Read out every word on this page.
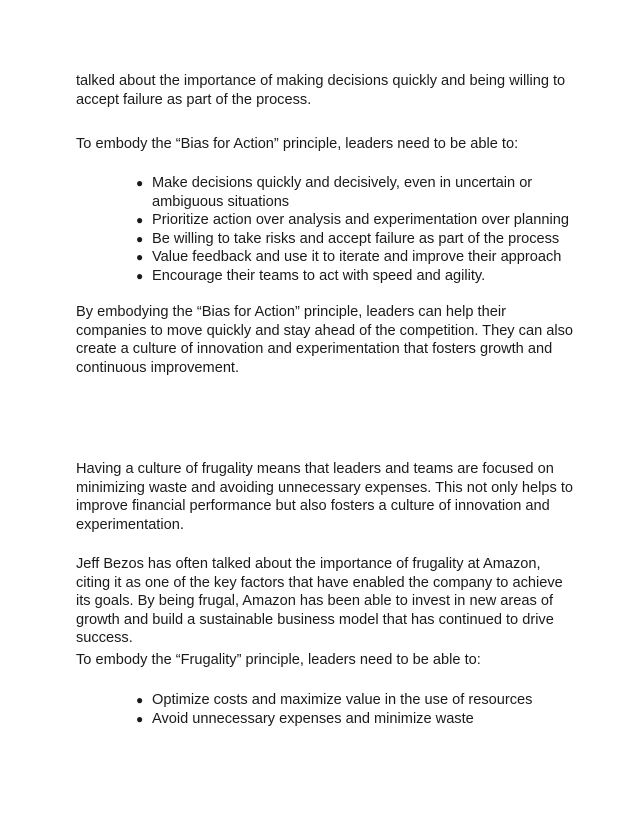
talked about the importance of making decisions quickly and being willing to accept failure as part of the process.

To embody the “Bias for Action” principle, leaders need to be able to:

● Make decisions quickly and decisively, even in uncertain or ambiguous situations
● Prioritize action over analysis and experimentation over planning
● Be willing to take risks and accept failure as part of the process
● Value feedback and use it to iterate and improve their approach
● Encourage their teams to act with speed and agility.

By embodying the “Bias for Action” principle, leaders can help their companies to move quickly and stay ahead of the competition. They can also create a culture of innovation and experimentation that fosters growth and continuous improvement.

Having a culture of frugality means that leaders and teams are focused on minimizing waste and avoiding unnecessary expenses. This not only helps to improve financial performance but also fosters a culture of innovation and experimentation.

Jeff Bezos has often talked about the importance of frugality at Amazon, citing it as one of the key factors that have enabled the company to achieve its goals. By being frugal, Amazon has been able to invest in new areas of growth and build a sustainable business model that has continued to drive success.

To embody the “Frugality” principle, leaders need to be able to:

● Optimize costs and maximize value in the use of resources
● Avoid unnecessary expenses and minimize waste
